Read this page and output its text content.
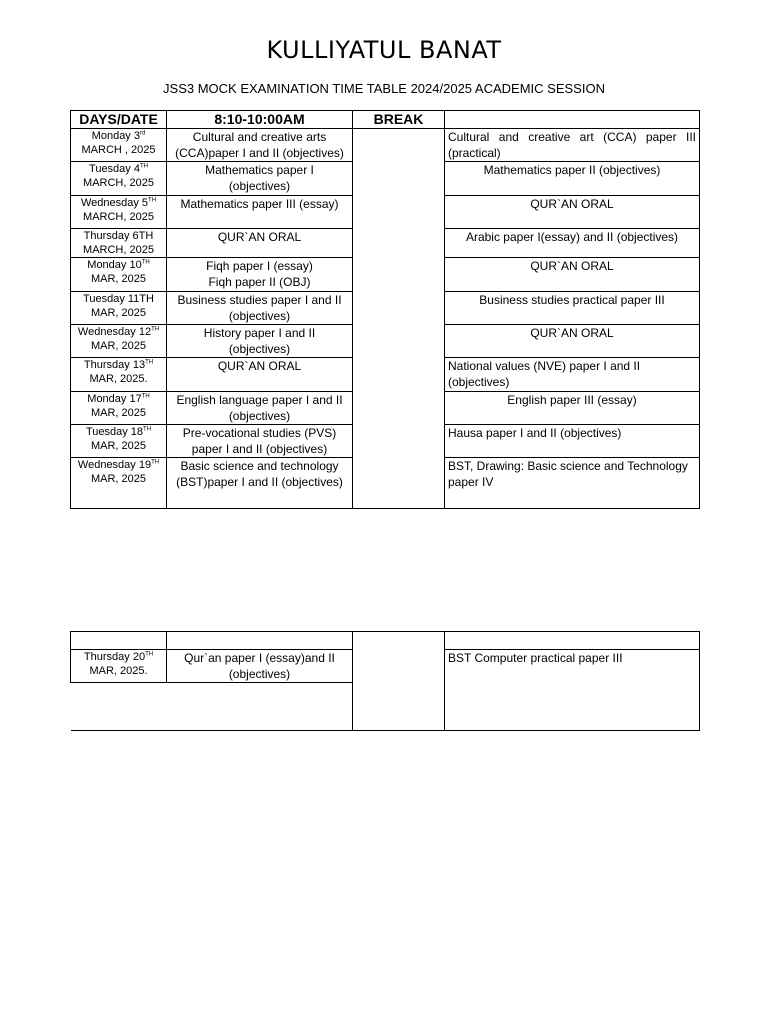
KULLIYATUL BANAT
JSS3 MOCK EXAMINATION TIME TABLE 2024/2025 ACADEMIC SESSION
DAYS/DATE	8:10-10:00AM	BREAK	
Monday 3rd
MARCH , 2025	Cultural and creative arts
(CCA)paper I and II (objectives)		Cultural and creative art (CCA) paper III
(practical)
Tuesday 4TH
MARCH, 2025	Mathematics paper I
(objectives)		Mathematics paper II (objectives)
Wednesday 5TH
MARCH, 2025	Mathematics paper III (essay)		QUR`AN ORAL
Thursday 6TH
MARCH, 2025	QUR`AN ORAL		Arabic paper I(essay) and II (objectives)
Monday 10TH
MAR, 2025	Fiqh paper I (essay)
Fiqh paper II (OBJ)		QUR`AN ORAL
Tuesday 11TH
MAR, 2025	Business studies paper I and II
(objectives)		Business studies practical paper III
Wednesday 12TH
MAR, 2025	History paper I and II
(objectives)		QUR`AN ORAL
Thursday 13TH
MAR, 2025.	QUR`AN ORAL		National values (NVE) paper I and II
(objectives)
Monday 17TH
MAR, 2025	English language paper I and II
(objectives)		English paper III (essay)
Tuesday 18TH
MAR, 2025	Pre-vocational studies (PVS)
paper I and II (objectives)		Hausa paper I and II (objectives)
Wednesday 19TH
MAR, 2025	Basic science and technology
(BST)paper I and II (objectives)		BST, Drawing: Basic science and Technology
paper IV

Thursday 20TH
MAR, 2025.	Qur`an paper I (essay)and II
(objectives)		BST Computer practical paper III
